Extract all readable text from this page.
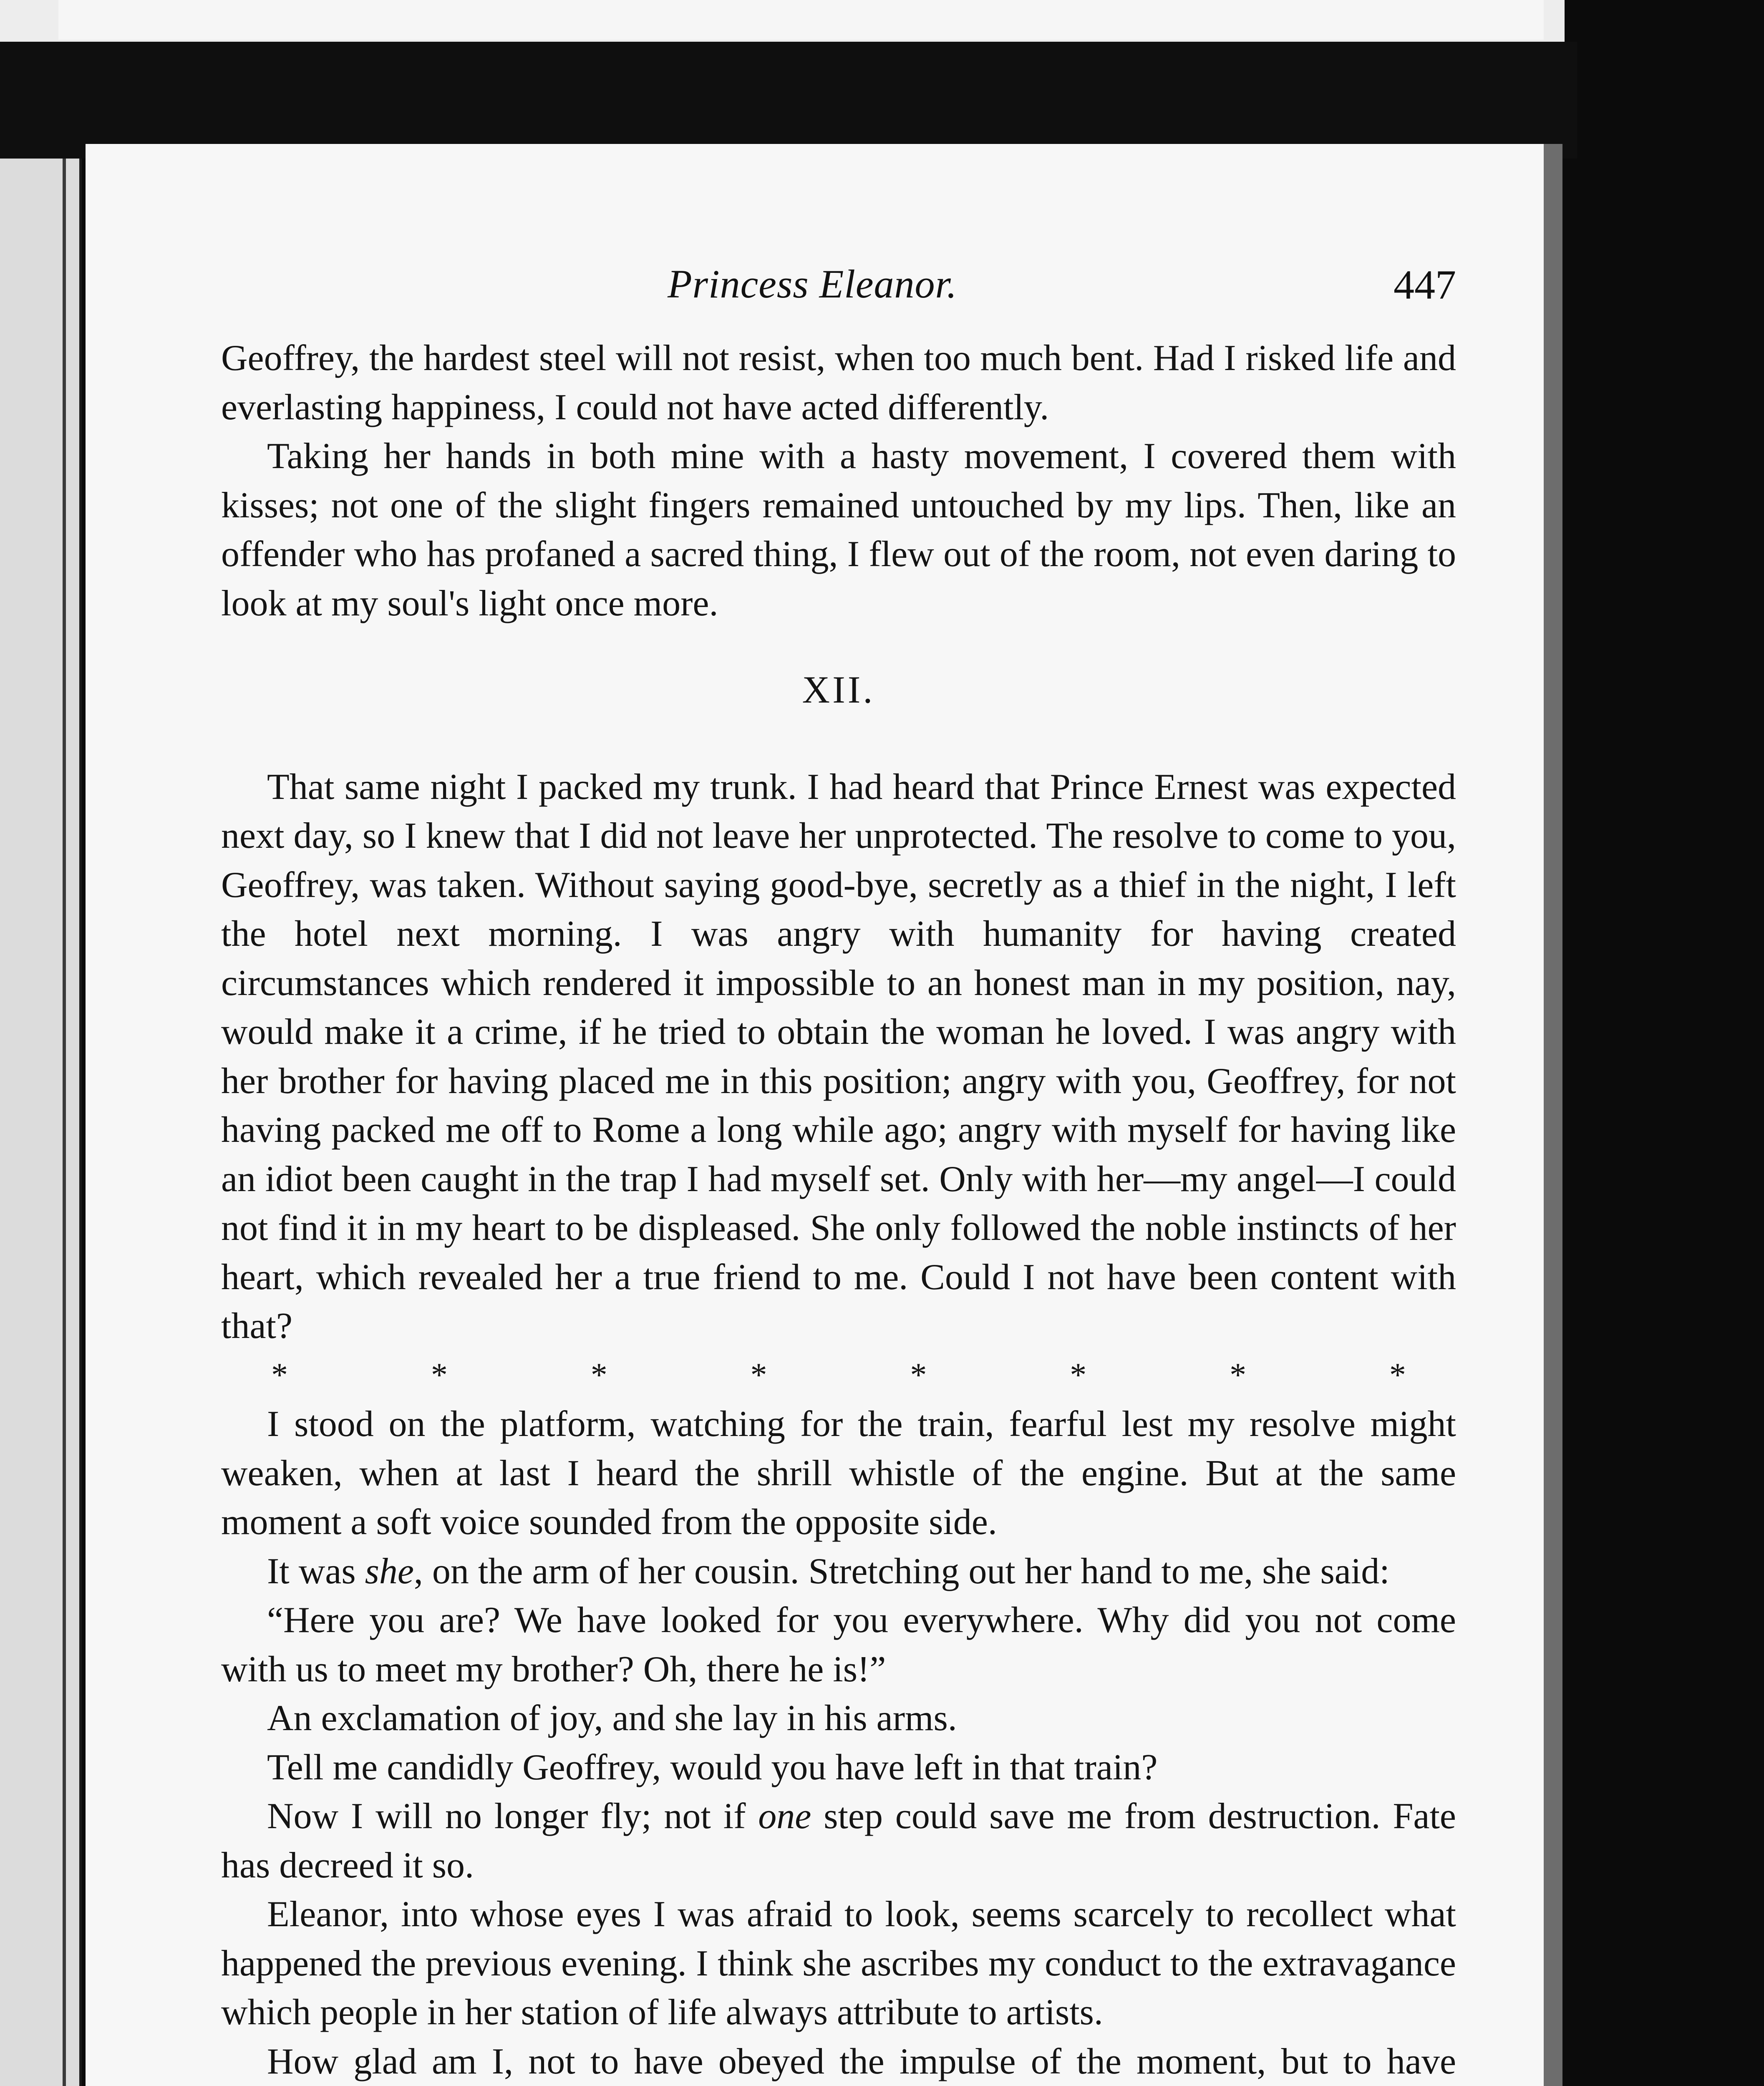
Princess Eleanor.	447

Geoffrey, the hardest steel will not resist, when too much bent. Had I risked life and everlasting happiness, I could not have acted differently.

Taking her hands in both mine with a hasty movement, I covered them with kisses; not one of the slight fingers remained untouched by my lips. Then, like an offender who has profaned a sacred thing, I flew out of the room, not even daring to look at my soul's light once more.

XII.

That same night I packed my trunk. I had heard that Prince Ernest was expected next day, so I knew that I did not leave her unprotected. The resolve to come to you, Geoffrey, was taken. Without saying good-bye, secretly as a thief in the night, I left the hotel next morning. I was angry with humanity for having created circumstances which rendered it impossible to an honest man in my position, nay, would make it a crime, if he tried to obtain the woman he loved. I was angry with her brother for having placed me in this position; angry with you, Geoffrey, for not having packed me off to Rome a long while ago; angry with myself for having like an idiot been caught in the trap I had myself set. Only with her—my angel—I could not find it in my heart to be displeased. She only followed the noble instincts of her heart, which revealed her a true friend to me. Could I not have been content with that?

*	*	*	*	*	*	*	*

I stood on the platform, watching for the train, fearful lest my resolve might weaken, when at last I heard the shrill whistle of the engine. But at the same moment a soft voice sounded from the opposite side.

It was she, on the arm of her cousin. Stretching out her hand to me, she said:

“Here you are? We have looked for you everywhere. Why did you not come with us to meet my brother? Oh, there he is!”

An exclamation of joy, and she lay in his arms.

Tell me candidly Geoffrey, would you have left in that train?

Now I will no longer fly; not if one step could save me from destruction. Fate has decreed it so.

Eleanor, into whose eyes I was afraid to look, seems scarcely to recollect what happened the previous evening. I think she ascribes my conduct to the extravagance which people in her station of life always attribute to artists.

How glad am I, not to have obeyed the impulse of the moment, but to have
